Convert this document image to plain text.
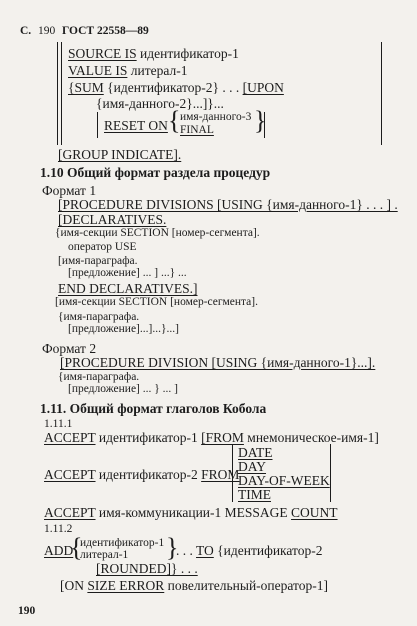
С. 190 ГОСТ 22558—89
SOURCE IS идентификатор-1
VALUE IS литерал-1
{SUM {идентификатор-2} . . . [UPON
{имя-данного-2}...]}...
RESET ON { имя-данного-3
FINAL }
[GROUP INDICATE].
1.10 Общий формат раздела процедур
Формат 1
[PROCEDURE DIVISIONS [USING {имя-данного-1} . . . ] .
[DECLARATIVES.
{имя-секции SECTION [номер-сегмента].
оператор USE
[имя-параграфа.
[предложение] ... ] ...} ...
END DECLARATIVES.]
[имя-секции SECTION [номер-сегмента].
{имя-параграфа.
[предложение]...]...}...]
Формат 2
[PROCEDURE DIVISION [USING {имя-данного-1}...].
{имя-параграфа.
[предложение] ... } ... ]
1.11. Общий формат глаголов Кобола
1.11.1
ACCEPT идентификатор-1 [FROM мнемоническое-имя-1]
ACCEPT идентификатор-2 FROM
DATE
DAY
DAY-OF-WEEK
TIME
ACCEPT имя-коммуникации-1 MESSAGE COUNT
1.11.2
ADD
{
идентификатор-1
литерал-1 }
. . . TO {идентификатор-2
[ROUNDED]} . . .
[ON SIZE ERROR повелительный-оператор-1]
190
